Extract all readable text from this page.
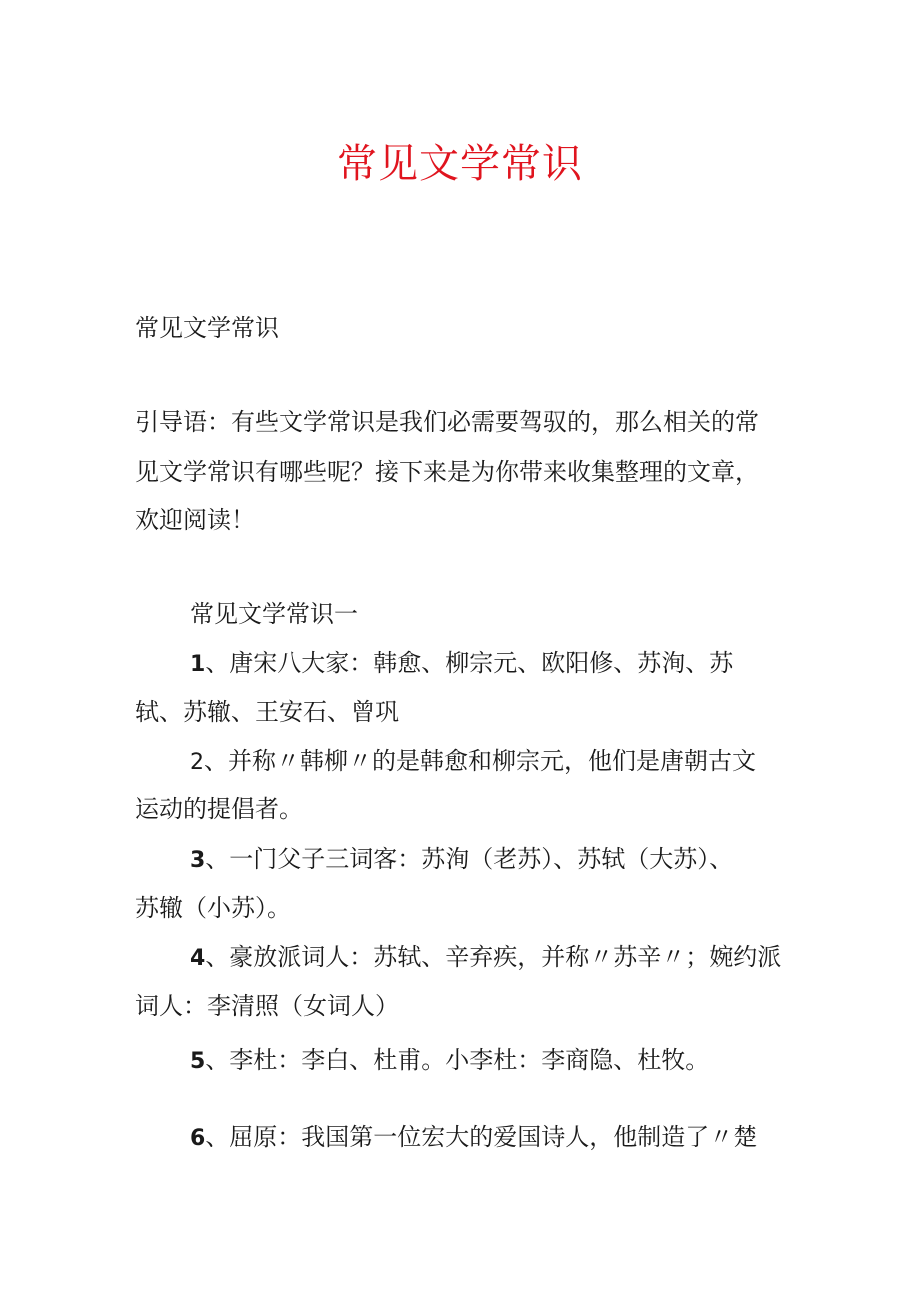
常见文学常识
常见文学常识
引导语：有些文学常识是我们必需要驾驭的，那么相关的常
见文学常识有哪些呢？接下来是为你带来收集整理的文章，
欢迎阅读！
常见文学常识一
1、唐宋八大家：韩愈、柳宗元、欧阳修、苏洵、苏
轼、苏辙、王安石、曾巩
2、并称〃韩柳〃的是韩愈和柳宗元，他们是唐朝古文
运动的提倡者。
3、一门父子三词客：苏洵（老苏）、苏轼（大苏）、
苏辙（小苏）。
4、豪放派词人：苏轼、辛弃疾，并称〃苏辛〃；婉约派
词人：李清照（女词人）
5、李杜：李白、杜甫。小李杜：李商隐、杜牧。
6、屈原：我国第一位宏大的爱国诗人，他制造了〃楚
